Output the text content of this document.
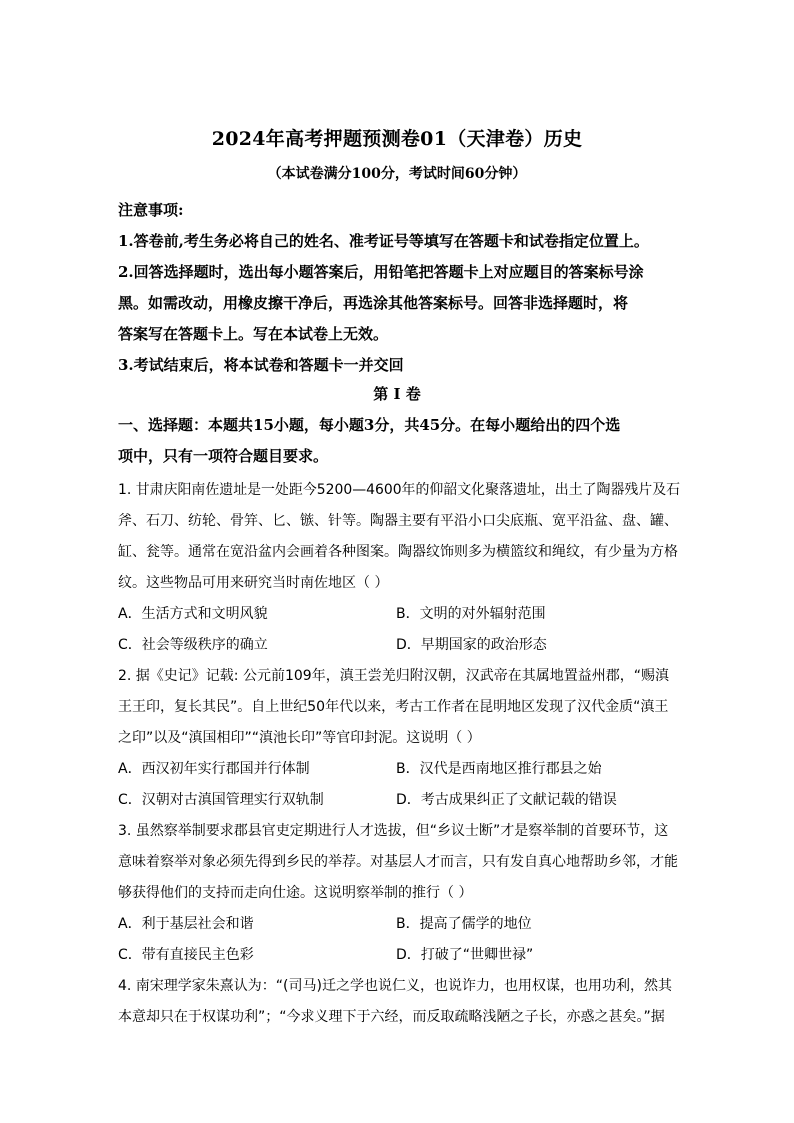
2024年高考押题预测卷01（天津卷）历史
（本试卷满分100分，考试时间60分钟）
注意事项:
1.答卷前,考生务必将自己的姓名、准考证号等填写在答题卡和试卷指定位置上。
2.回答选择题时，选出每小题答案后，用铅笔把答题卡上对应题目的答案标号涂
黑。如需改动，用橡皮擦干净后，再选涂其他答案标号。回答非选择题时，将
答案写在答题卡上。写在本试卷上无效。
3.考试结束后，将本试卷和答题卡一并交回
第 I 卷
一、选择题：本题共15小题，每小题3分，共45分。在每小题给出的四个选
项中，只有一项符合题目要求。
1. 甘肃庆阳南佐遗址是一处距今5200—4600年的仰韶文化聚落遗址，出土了陶器残片及石
斧、石刀、纺轮、骨笄、匕、镞、针等。陶器主要有平沿小口尖底瓶、宽平沿盆、盘、罐、
缸、瓮等。通常在宽沿盆内会画着各种图案。陶器纹饰则多为横篮纹和绳纹，有少量为方格
纹。这些物品可用来研究当时南佐地区（ ）
A．生活方式和文明风貌	B．文明的对外辐射范围
C．社会等级秩序的确立	D．早期国家的政治形态
2. 据《史记》记载: 公元前109年，滇王尝羌归附汉朝，汉武帝在其属地置益州郡，“赐滇
王王印，复长其民”。自上世纪50年代以来，考古工作者在昆明地区发现了汉代金质“滇王
之印”以及“滇国相印”“滇池长印”等官印封泥。这说明（ ）
A．西汉初年实行郡国并行体制	B．汉代是西南地区推行郡县之始
C．汉朝对古滇国管理实行双轨制	D．考古成果纠正了文献记载的错误
3. 虽然察举制要求郡县官吏定期进行人才选拔，但“乡议士断”才是察举制的首要环节，这
意味着察举对象必须先得到乡民的举荐。对基层人才而言，只有发自真心地帮助乡邻，才能
够获得他们的支持而走向仕途。这说明察举制的推行（ ）
A．利于基层社会和谐	B．提高了儒学的地位
C．带有直接民主色彩	D．打破了“世卿世禄”
4. 南宋理学家朱熹认为：“(司马)迁之学也说仁义，也说诈力，也用权谋，也用功利，然其
本意却只在于权谋功利”；“今求义理下于六经，而反取疏略浅陋之子长，亦惑之甚矣。”据
